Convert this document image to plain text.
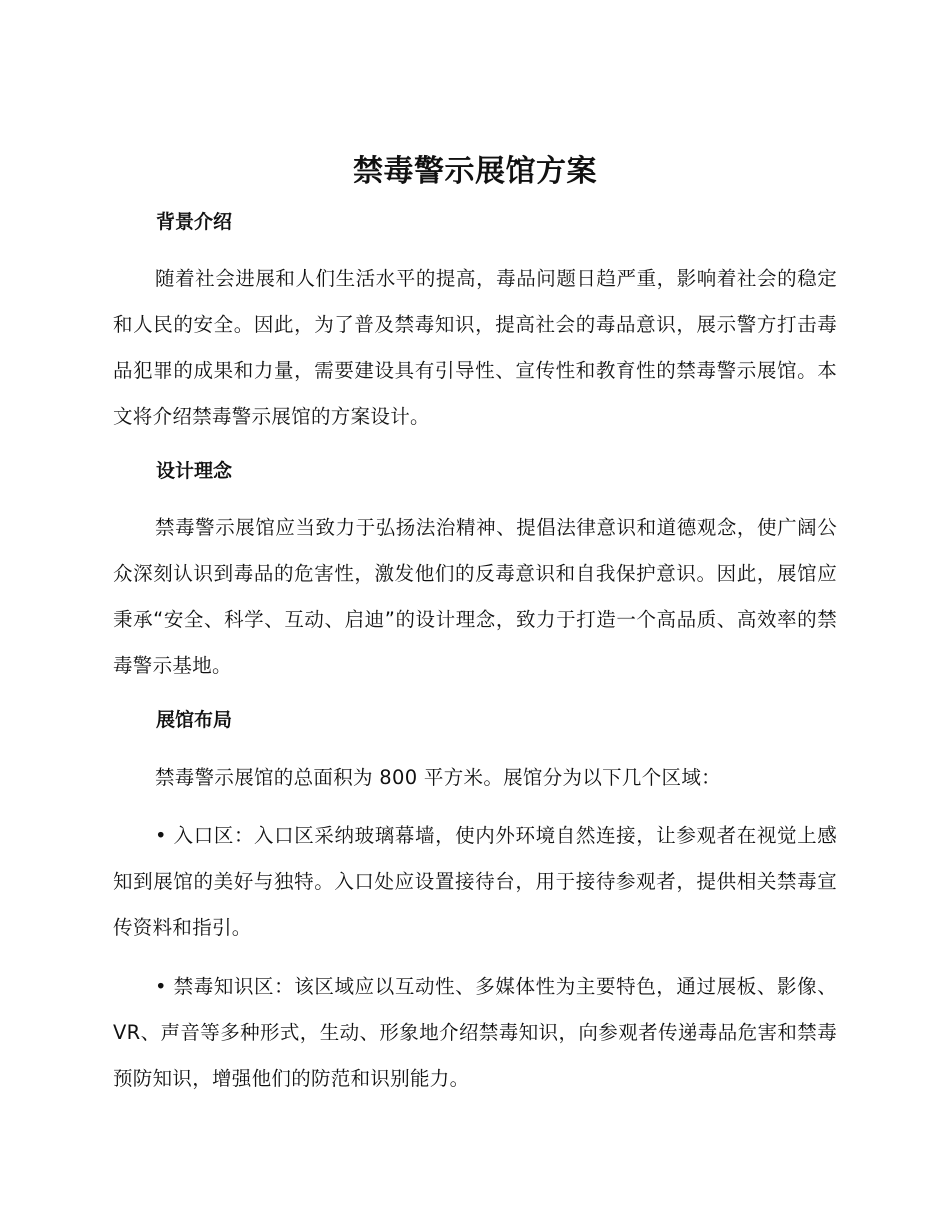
禁毒警示展馆方案
背景介绍
随着社会进展和人们生活水平的提高，毒品问题日趋严重，影响着社会的稳定和人民的安全。因此，为了普及禁毒知识，提高社会的毒品意识，展示警方打击毒品犯罪的成果和力量，需要建设具有引导性、宣传性和教育性的禁毒警示展馆。本文将介绍禁毒警示展馆的方案设计。
设计理念
禁毒警示展馆应当致力于弘扬法治精神、提倡法律意识和道德观念，使广阔公众深刻认识到毒品的危害性，激发他们的反毒意识和自我保护意识。因此，展馆应秉承“安全、科学、互动、启迪”的设计理念，致力于打造一个高品质、高效率的禁毒警示基地。
展馆布局
禁毒警示展馆的总面积为 800 平方米。展馆分为以下几个区域：
• 入口区：入口区采纳玻璃幕墙，使内外环境自然连接，让参观者在视觉上感知到展馆的美好与独特。入口处应设置接待台，用于接待参观者，提供相关禁毒宣传资料和指引。
• 禁毒知识区：该区域应以互动性、多媒体性为主要特色，通过展板、影像、VR、声音等多种形式，生动、形象地介绍禁毒知识，向参观者传递毒品危害和禁毒预防知识，增强他们的防范和识别能力。
